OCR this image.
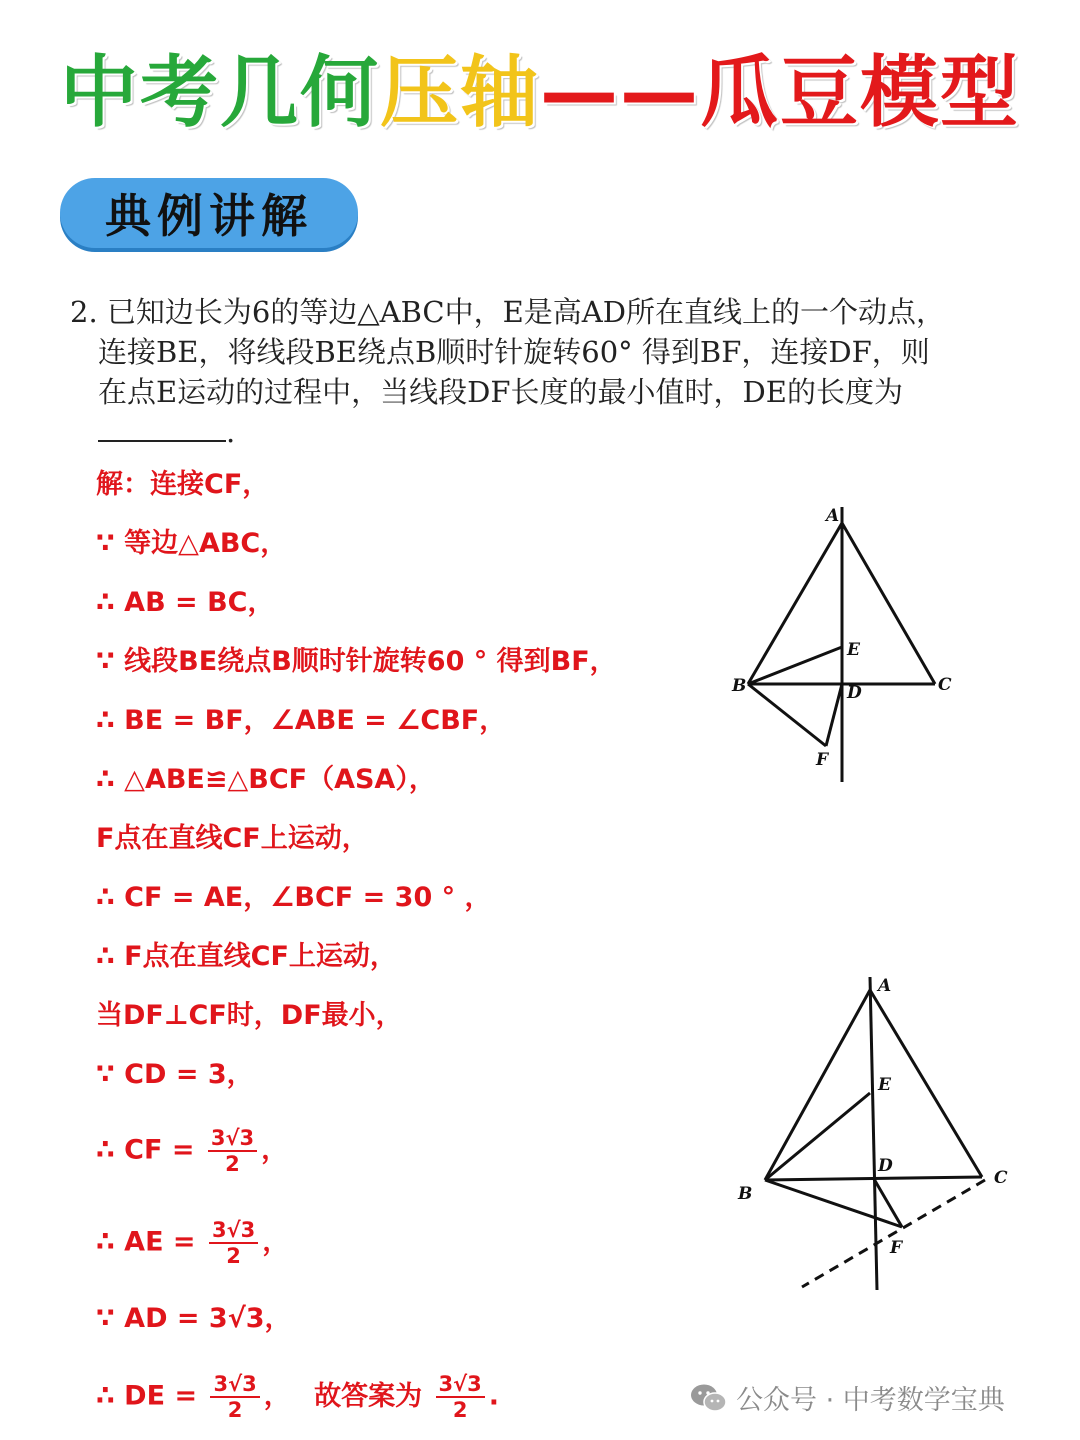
中考几何压轴——瓜豆模型
典例讲解
2. 已知边长为6的等边△ABC中，E是高AD所在直线上的一个动点，
连接BE，将线段BE绕点B顺时针旋转60° 得到BF，连接DF，则
在点E运动的过程中，当线段DF长度的最小值时，DE的长度为
.
解：连接CF，
∵ 等边△ABC，
∴ AB = BC，
∵ 线段BE绕点B顺时针旋转60 ° 得到BF，
∴ BE = BF，∠ABE = ∠CBF，
∴ △ABE≌△BCF（ASA），
F点在直线CF上运动，
∴ CF = AE，∠BCF = 30 ° ，
∴ F点在直线CF上运动，
当DF⊥CF时，DF最小，
∵ CD = 3，
∴ CF = $\frac{3√3}{2}$ ，
∴ AE = $\frac{3√3}{2}$ ，
∵ AD = 3√3，
∴ DE = $\frac{3√3}{2}$ ， 故答案为 $\frac{3√3}{2}$ .
A
B	C
D
E
F
A
B
C
D
E
F
公众号 · 中考数学宝典
